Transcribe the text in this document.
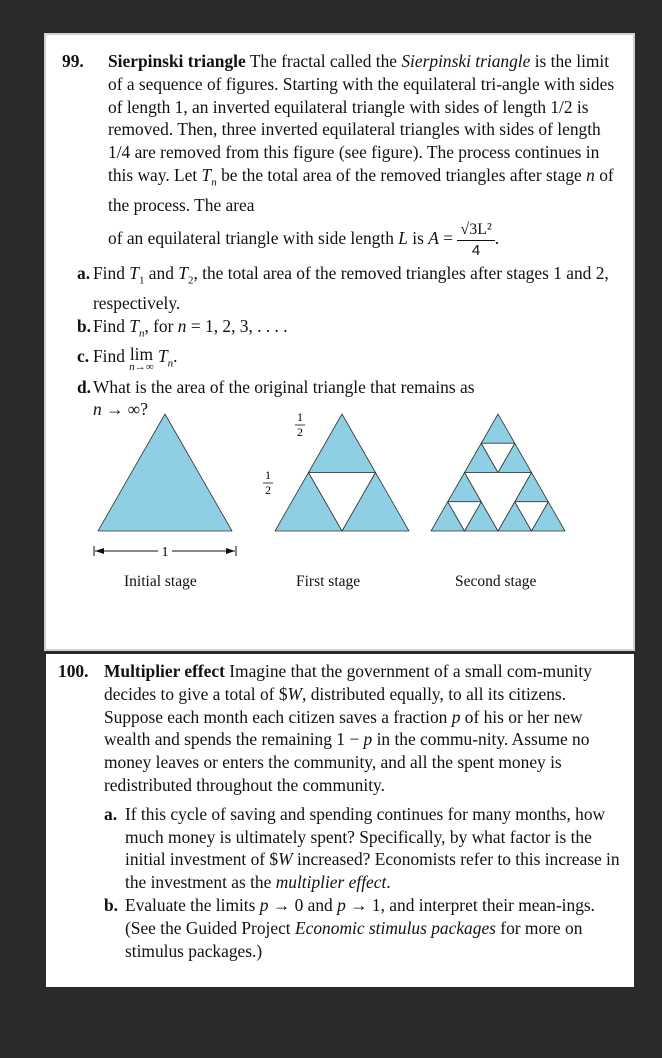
99.	Sierpinski triangle The fractal called the Sierpinski triangle is the limit of a sequence of figures. Starting with the equilateral tri-angle with sides of length 1, an inverted equilateral triangle with sides of length 1/2 is removed. Then, three inverted equilateral triangles with sides of length 1/4 are removed from this figure (see figure). The process continues in this way. Let $T_n$ be the total area of the removed triangles after stage n of the process. The area
of an equilateral triangle with side length L is $A = \frac{\text{√3L²}}{4}$ .
a. Find $T_1$ and $T_2$, the total area of the removed triangles after stages 1 and 2, respectively.
b. Find $T_n$, for n = 1, 2, 3, . . . .
c. Find lim
n→∞
$T_n$.
d. What is the area of the original triangle that remains as
n → ∞?
1
1
2
1
2
Initial stage	First stage	Second stage
100. Multiplier effect Imagine that the government of a small com-munity decides to give a total of $W, distributed equally, to all its citizens. Suppose each month each citizen saves a fraction p of his or her new wealth and spends the remaining 1 − p in the commu-nity. Assume no money leaves or enters the community, and all the spent money is redistributed throughout the community.
a. If this cycle of saving and spending continues for many months, how much money is ultimately spent? Specifically, by what factor is the initial investment of $W increased? Economists refer to this increase in the investment as the multiplier effect.
b. Evaluate the limits p → 0 and p → 1, and interpret their mean-ings. (See the Guided Project Economic stimulus packages for more on stimulus packages.)
